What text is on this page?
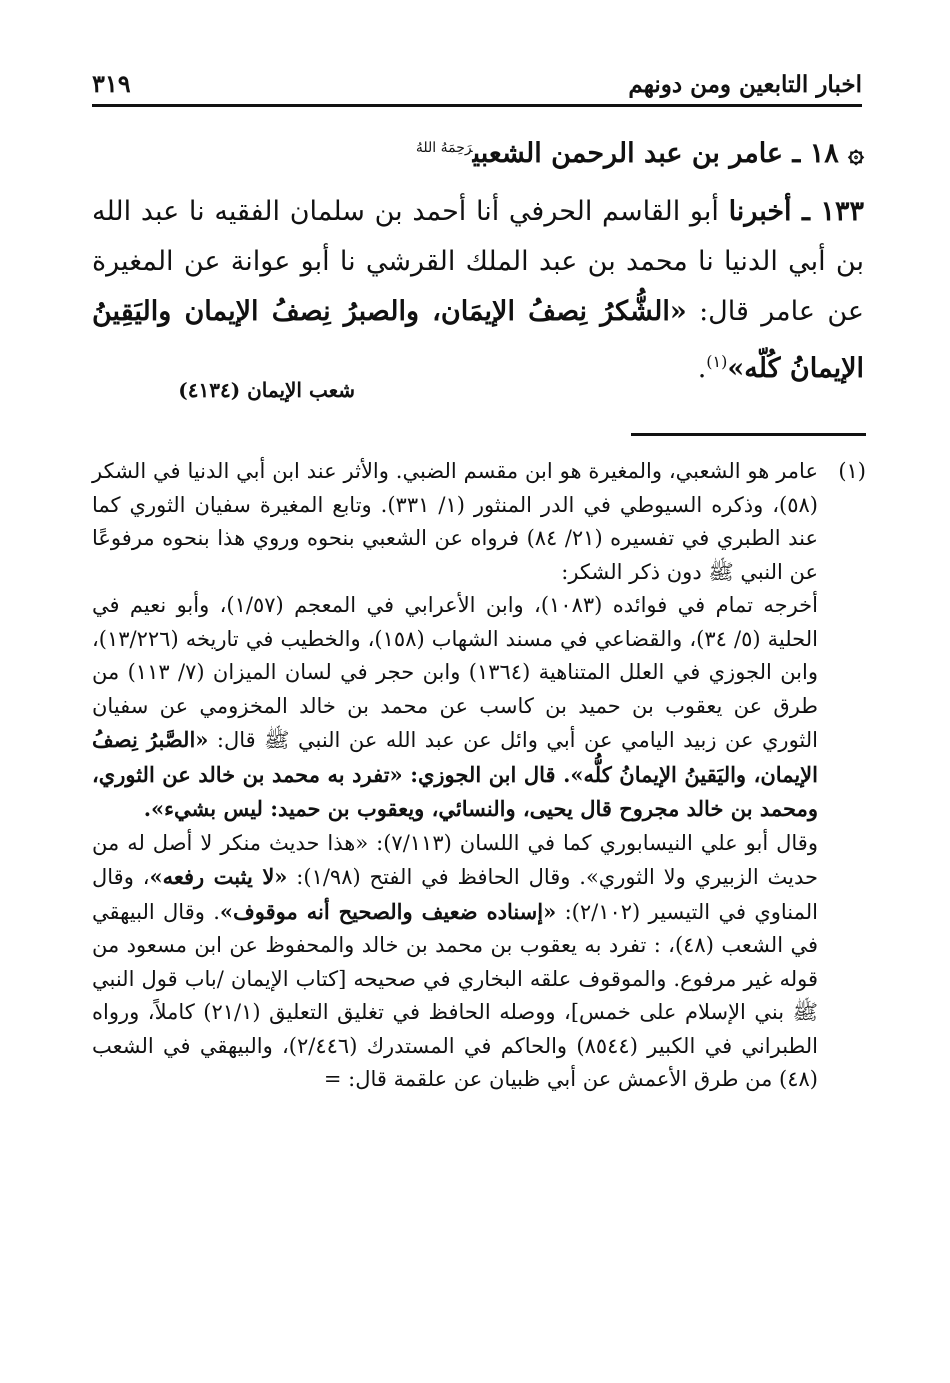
اخبار التابعين ومن دونهم
٣١٩
۞ ١٨ ـ عامر بن عبد الرحمن الشعبي$^{رَحِمَهُ اللهُ}$
١٣٣ ـ أخبرنا أبو القاسم الحرفي أنا أحمد بن سلمان الفقيه نا عبد الله بن أبي الدنيا نا محمد بن عبد الملك القرشي نا أبو عوانة عن المغيرة عن عامر قال: «الشُّكرُ نِصفُ الإيمَان، والصبرُ نِصفُ الإيمان واليَقِينُ الإيمانُ كُلّه»$^{(١)}$.
شعب الإيمان (٤١٣٤)
(١)

عامر هو الشعبي، والمغيرة هو ابن مقسم الضبي. والأثر عند ابن أبي الدنيا في الشكر (٥٨)، وذكره السيوطي في الدر المنثور (١/ ٣٣١). وتابع المغيرة سفيان الثوري كما عند الطبري في تفسيره (٢١/ ٨٤) فرواه عن الشعبي بنحوه وروي هذا بنحوه مرفوعًا عن النبي ﷺ دون ذكر الشكر:

أخرجه تمام في فوائده (١٠٨٣)، وابن الأعرابي في المعجم (١/٥٧)، وأبو نعيم في الحلية (٥/ ٣٤)، والقضاعي في مسند الشهاب (١٥٨)، والخطيب في تاريخه (١٣/٢٢٦)، وابن الجوزي في العلل المتناهية (١٣٦٤) وابن حجر في لسان الميزان (٧/ ١١٣) من طرق عن يعقوب بن حميد بن كاسب عن محمد بن خالد المخزومي عن سفيان الثوري عن زبيد اليامي عن أبي وائل عن عبد الله عن النبي ﷺ قال: «الصَّبرُ نِصفُ الإيمان، واليَقينُ الإيمانُ كلُّه». قال ابن الجوزي: «تفرد به محمد بن خالد عن الثوري، ومحمد بن خالد مجروح قال يحيى، والنسائي، ويعقوب بن حميد: ليس بشيء».

وقال أبو علي النيسابوري كما في اللسان (٧/١١٣): «هذا حديث منكر لا أصل له من حديث الزبيري ولا الثوري». وقال الحافظ في الفتح (١/٩٨): «لا يثبت رفعه»، وقال المناوي في التيسير (٢/١٠٢): «إسناده ضعيف والصحيح أنه موقوف». وقال البيهقي في الشعب (٤٨)، : تفرد به يعقوب بن محمد بن خالد والمحفوظ عن ابن مسعود من قوله غير مرفوع. والموقوف علقه البخاري في صحيحه [كتاب الإيمان /باب قول النبي ﷺ بني الإسلام على خمس]، ووصله الحافظ في تغليق التعليق (٢١/١) كاملاً، ورواه الطبراني في الكبير (٨٥٤٤) والحاكم في المستدرك (٢/٤٤٦)، والبيهقي في الشعب (٤٨) من طرق الأعمش عن أبي ظبيان عن علقمة قال: =
